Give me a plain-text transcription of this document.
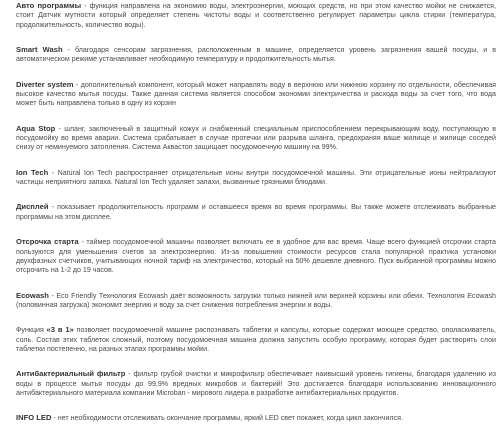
Авто программы - функция направлена на экономию воды, электроэнергии, моющих средств, но при этом качество мойки не снижается, стоит Датчик мутности который определяет степень чистоты воды и соответственно регулирует параметры цикла стирки (температура, продолжительность, количество воды).

Smart Wash - благодаря сенсорам загрязнения, расположенным в машине, определяется уровень загрязнения вашей посуды, и в автоматическом режиме устанавливает необходимую температуру и продолжительность мытья.

Diverter system - дополнительный компонент, который может направлять воду в верхнюю или нижнюю корзину по отдельности, обеспечивая высокое качество мытья посуды. Также данная система является способом экономии электричества и расхода воды за счет того, что вода может быть направлена только в одну из корзин

Aqua Stop - шланг, заключенный в защитный кожух и снабженный специальным приспособлением перекрывающим воду, поступающую в посудомойку во время аварии. Система срабатывает в случае протечки или разрыва шланга, предохраняя ваше жилище и жилище соседей снизу от неминуемого затопления. Система Аквастоп защищает посудомоечную машину на 99%.

Ion Tech - Natural Ion Tech распространяет отрицательные ионы внутри посудомоечной машины. Эти отрицательные ионы нейтрализуют частицы неприятного запаха. Natural Ion Tech удаляет запахи, вызванные грязными блюдами.

Дисплей - показывает продолжительность программ и оставшееся время во время программы. Вы также можете отслеживать выбранные программы на этом дисплее.

Отсрочка старта - таймер посудомоечной машины позволяет включать ее в удобное для вас время. Чаще всего функцией отсрочки старта пользуются для уменьшения счетов за электроэнергию. Из-за повышения стоимости ресурсов стала популярной практика установки двухфазных счетчиков, учитывающих ночной тариф на электричество, который на 50% дешевле дневного. Пуск выбранной программы можно отсрочить на 1-2 до 19 часов.

Ecowash - Eco Friendly Технология Ecowash даёт возможность загрузки только нижней или верхней корзины или обеих. Технология Ecowash (половинная загрузка) экономит энергию и воду за счет снижения потребления энергии и воды.

Функция «3 в 1» позволяет посудомоечной машине распознавать таблетки и капсулы, которые содержат моющее средство, ополаскиватель, соль. Состав этих таблеток сложный, поэтому посудомоечная машина должна запустить особую программу, которая будет растворять слои таблетки постепенно, на разных этапах программы мойки.

Антибактериальный фильтр - фильтр грубой очистки и микрофильтр обеспечивает наивысший уровень гигиены, благодаря удалению из воды в процессе мытья посуды до 99,9% вредных микробов и бактерий! Это достигается благодаря использованию инновационного антибактериального материала компании Microban - мирового лидера в разработке антибактериальных продуктов.

INFO LED - нет необходимости отслеживать окончание программы, яркий LED свет покажет, когда цикл закончился.
